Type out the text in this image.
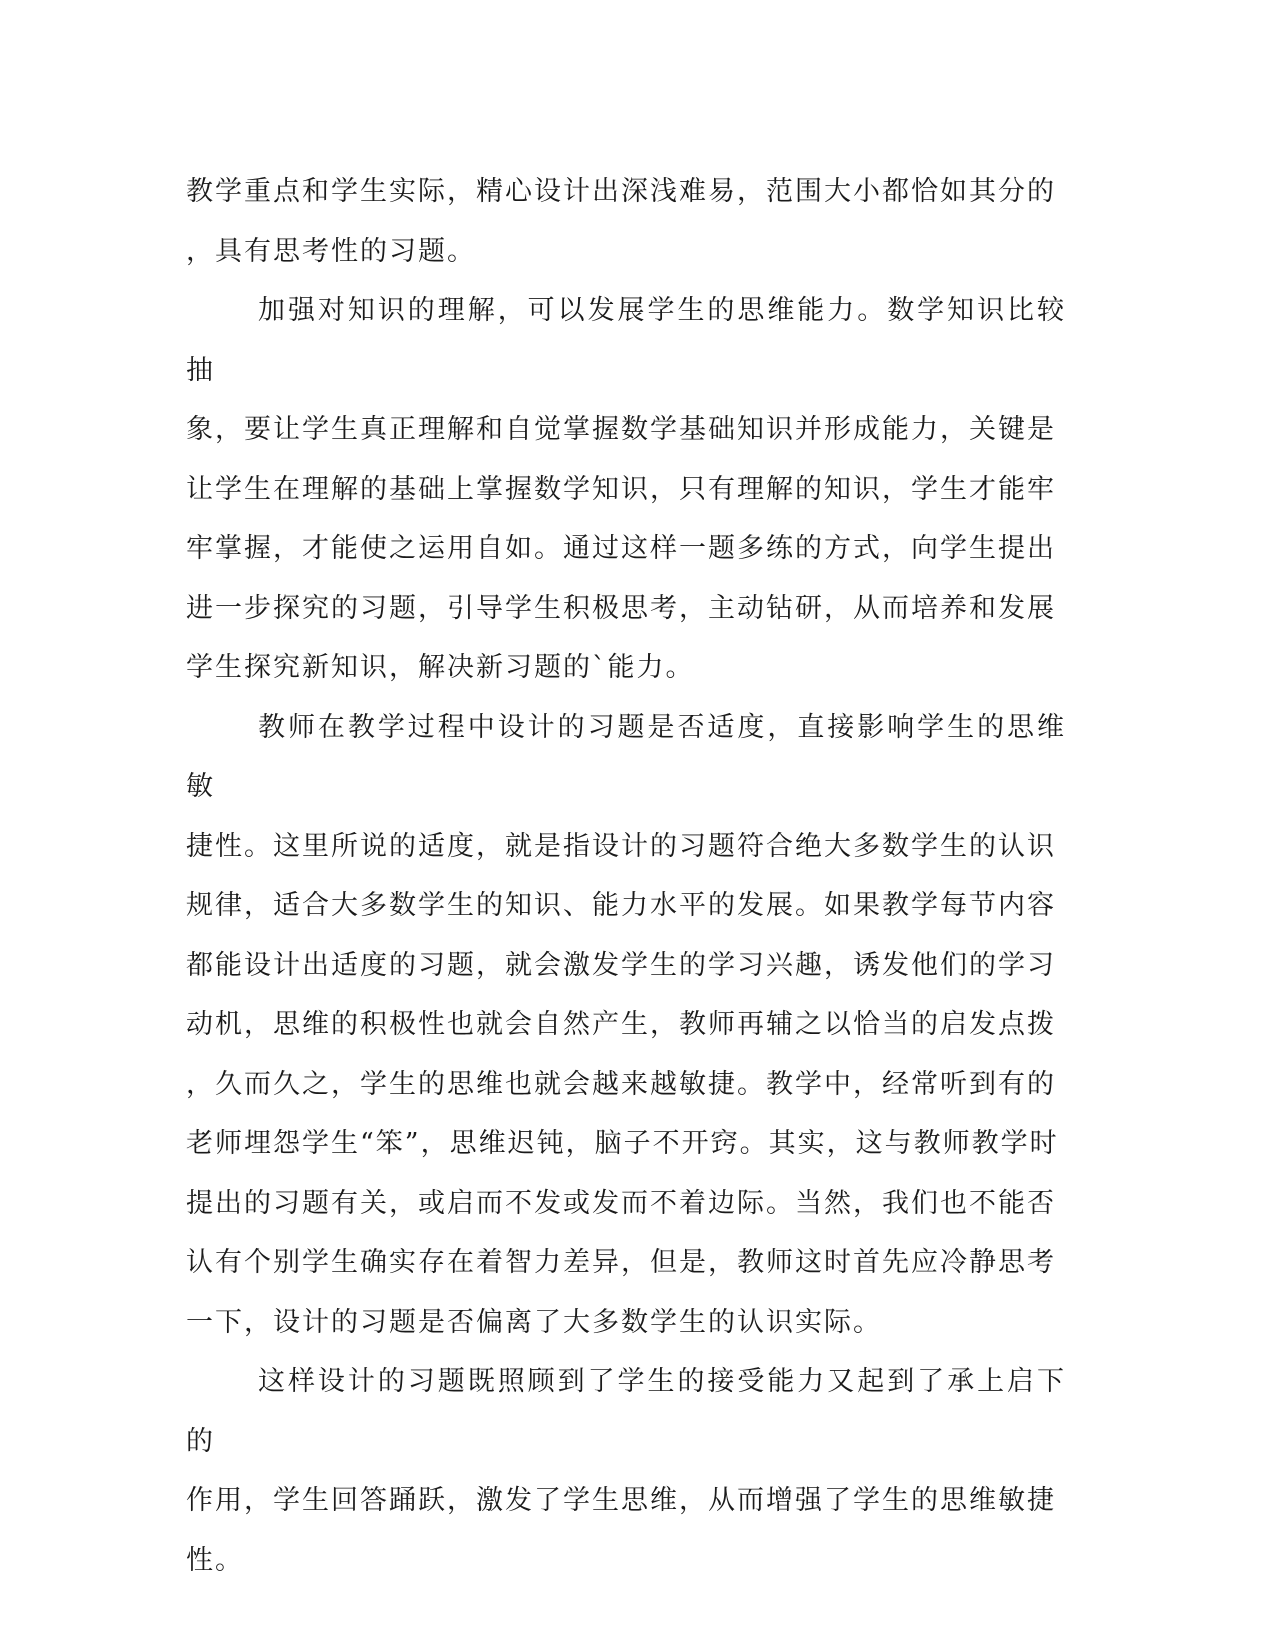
教学重点和学生实际，精心设计出深浅难易，范围大小都恰如其分的
，具有思考性的习题。

加强对知识的理解，可以发展学生的思维能力。数学知识比较抽
象，要让学生真正理解和自觉掌握数学基础知识并形成能力，关键是
让学生在理解的基础上掌握数学知识，只有理解的知识，学生才能牢
牢掌握，才能使之运用自如。通过这样一题多练的方式，向学生提出
进一步探究的习题，引导学生积极思考，主动钻研，从而培养和发展
学生探究新知识，解决新习题的`能力。

教师在教学过程中设计的习题是否适度，直接影响学生的思维敏
捷性。这里所说的适度，就是指设计的习题符合绝大多数学生的认识
规律，适合大多数学生的知识、能力水平的发展。如果教学每节内容
都能设计出适度的习题，就会激发学生的学习兴趣，诱发他们的学习
动机，思维的积极性也就会自然产生，教师再辅之以恰当的启发点拨
，久而久之，学生的思维也就会越来越敏捷。教学中，经常听到有的
老师埋怨学生“笨”，思维迟钝，脑子不开窍。其实，这与教师教学时
提出的习题有关，或启而不发或发而不着边际。当然，我们也不能否
认有个别学生确实存在着智力差异，但是，教师这时首先应冷静思考
一下，设计的习题是否偏离了大多数学生的认识实际。

这样设计的习题既照顾到了学生的接受能力又起到了承上启下的
作用，学生回答踊跃，激发了学生思维，从而增强了学生的思维敏捷
性。
